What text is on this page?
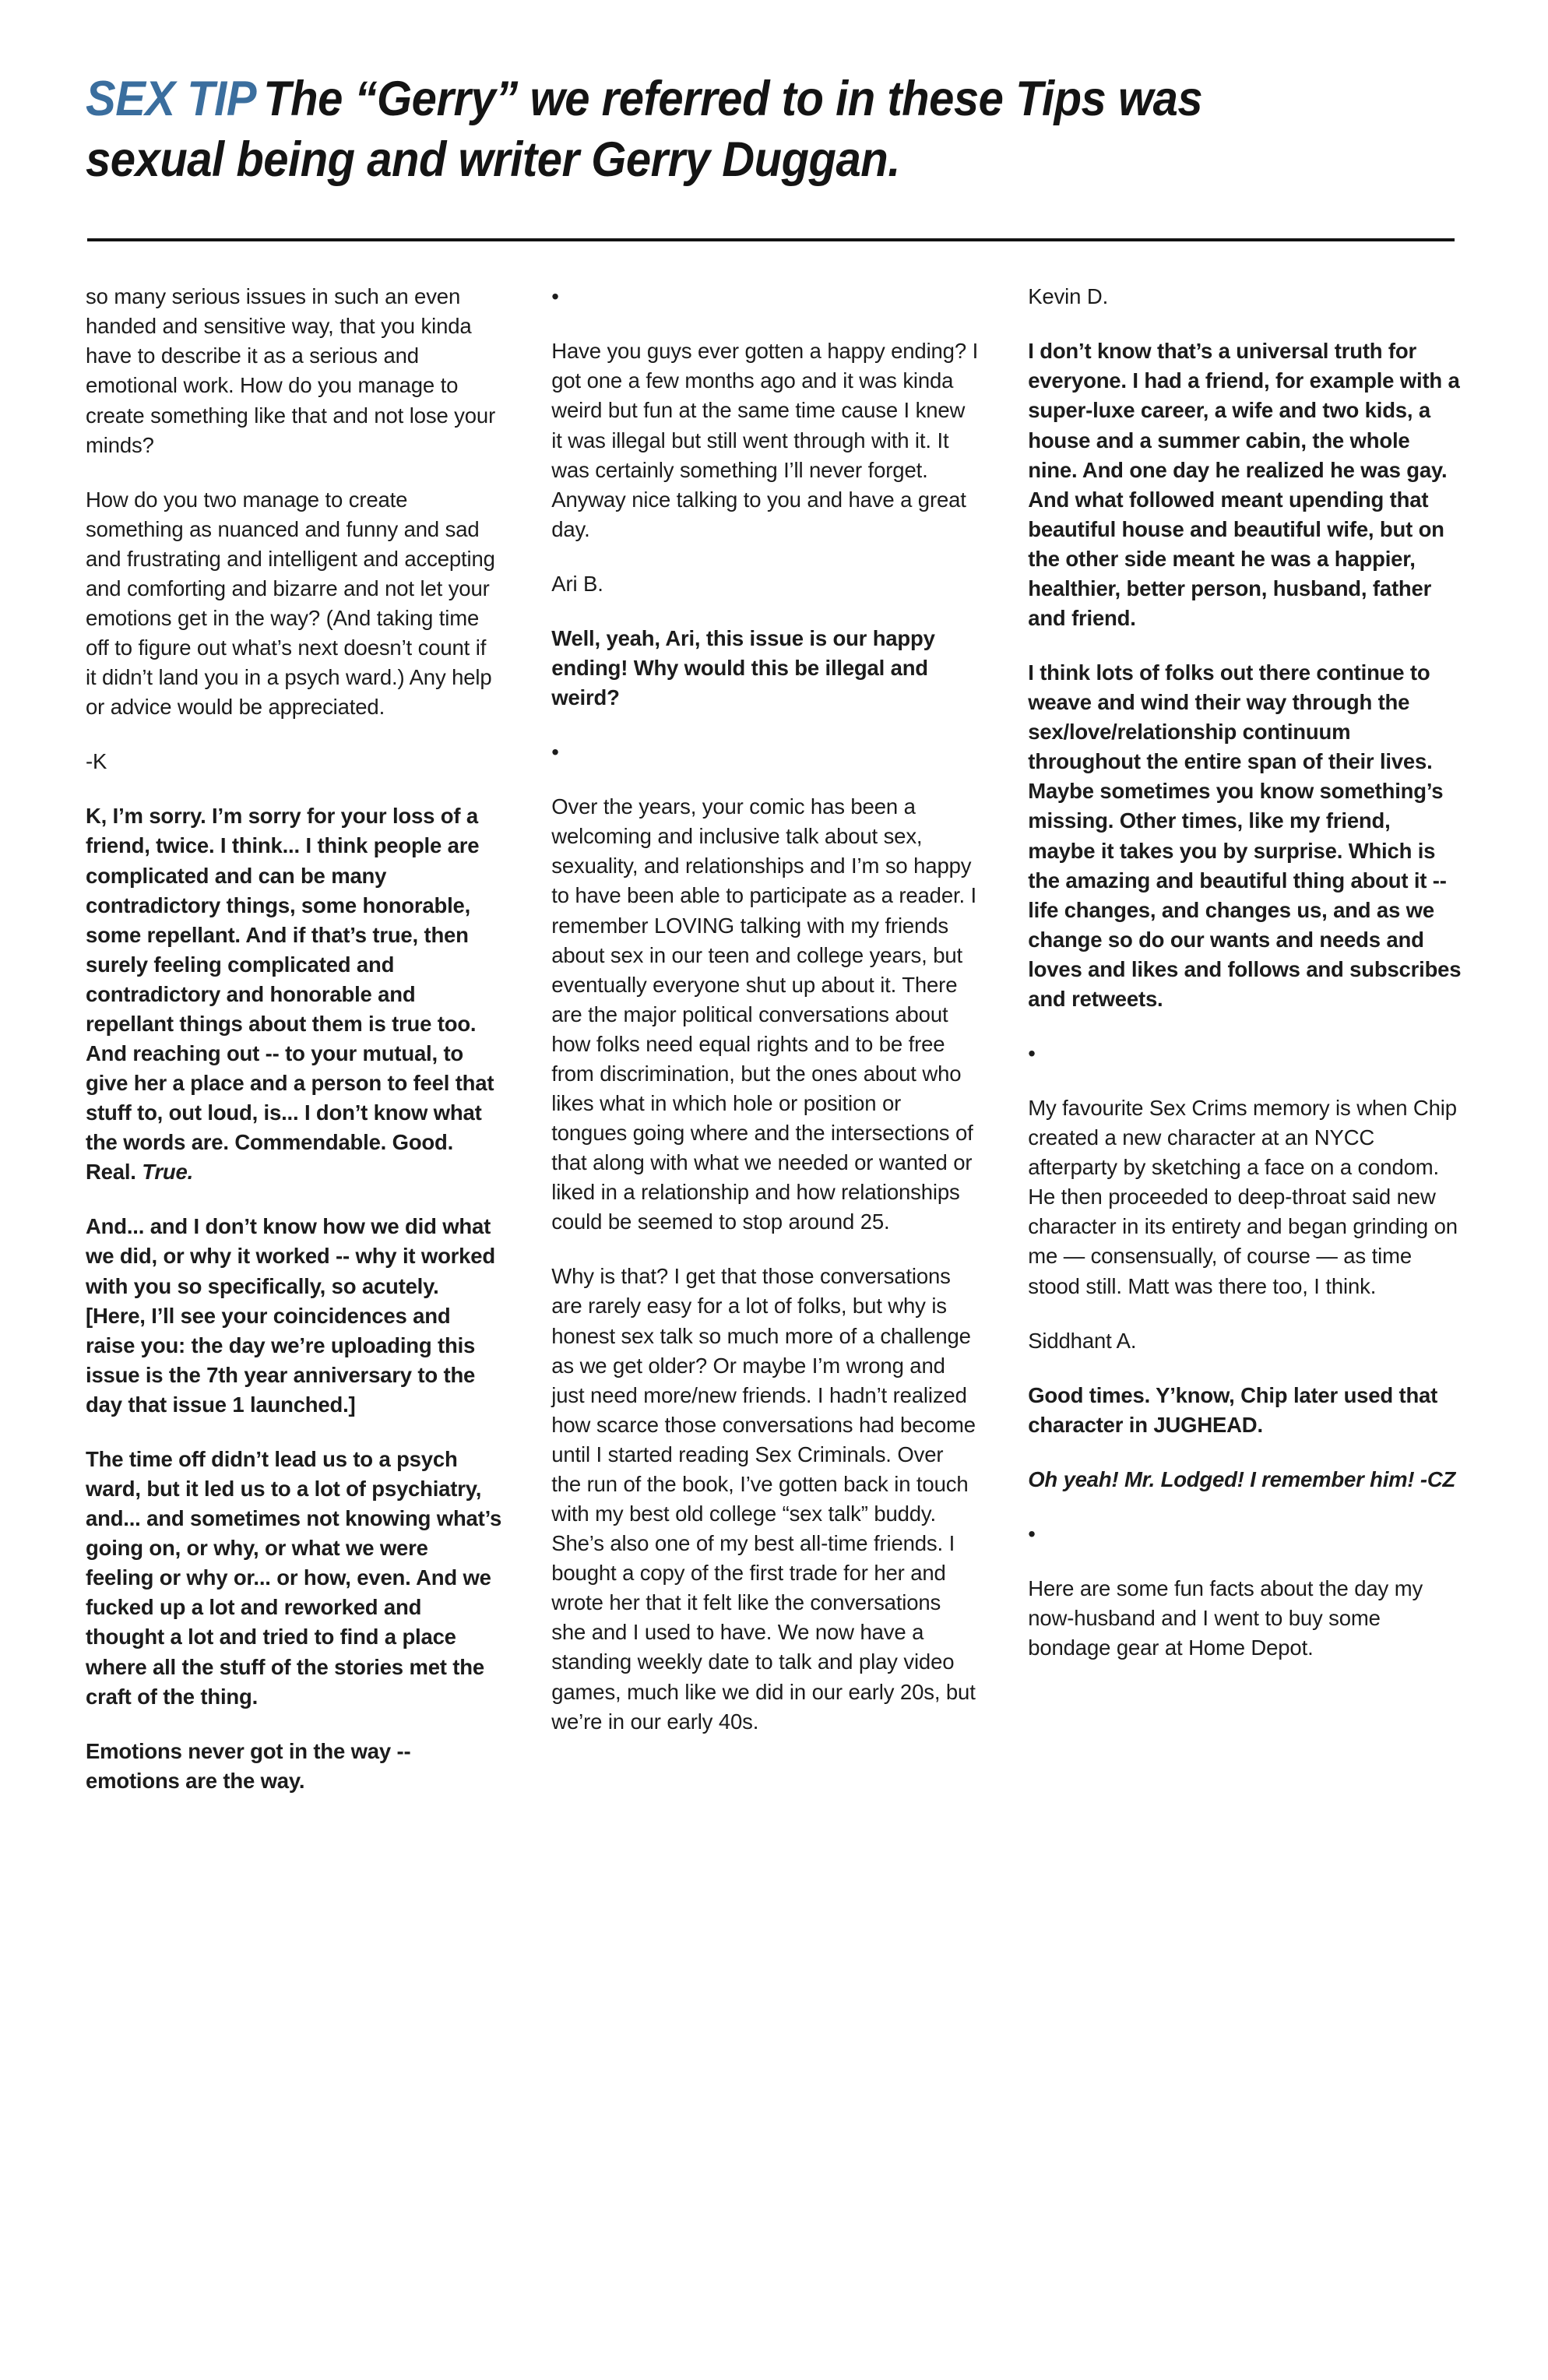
SEX TIP The “Gerry” we referred to in these Tips was sexual being and writer Gerry Duggan.

so many serious issues in such an even handed and sensitive way, that you kinda have to describe it as a serious and emotional work. How do you manage to create something like that and not lose your minds?

How do you two manage to create something as nuanced and funny and sad and frustrating and intelligent and accepting and comforting and bizarre and not let your emotions get in the way? (And taking time off to figure out what’s next doesn’t count if it didn’t land you in a psych ward.) Any help or advice would be appreciated.

-K

K, I’m sorry. I’m sorry for your loss of a friend, twice. I think... I think people are complicated and can be many contradictory things, some honorable, some repellant. And if that’s true, then surely feeling complicated and contradictory and honorable and repellant things about them is true too. And reaching out -- to your mutual, to give her a place and a person to feel that stuff to, out loud, is... I don’t know what the words are. Commendable. Good. Real. True.

And... and I don’t know how we did what we did, or why it worked -- why it worked with you so specifically, so acutely. [Here, I’ll see your coincidences and raise you: the day we’re uploading this issue is the 7th year anniversary to the day that issue 1 launched.]

The time off didn’t lead us to a psych ward, but it led us to a lot of psychiatry, and... and sometimes not knowing what’s going on, or why, or what we were feeling or why or... or how, even. And we fucked up a lot and reworked and thought a lot and tried to find a place where all the stuff of the stories met the craft of the thing.

Emotions never got in the way -- emotions are the way.

•

Have you guys ever gotten a happy ending? I got one a few months ago and it was kinda weird but fun at the same time cause I knew it was illegal but still went through with it. It was certainly something I’ll never forget. Anyway nice talking to you and have a great day.

Ari B.

Well, yeah, Ari, this issue is our happy ending! Why would this be illegal and weird?

•

Over the years, your comic has been a welcoming and inclusive talk about sex, sexuality, and relationships and I’m so happy to have been able to participate as a reader. I remember LOVING talking with my friends about sex in our teen and college years, but eventually everyone shut up about it. There are the major political conversations about how folks need equal rights and to be free from discrimination, but the ones about who likes what in which hole or position or tongues going where and the intersections of that along with what we needed or wanted or liked in a relationship and how relationships could be seemed to stop around 25.

Why is that? I get that those conversations are rarely easy for a lot of folks, but why is honest sex talk so much more of a challenge as we get older? Or maybe I’m wrong and just need more/new friends. I hadn’t realized how scarce those conversations had become until I started reading Sex Criminals. Over the run of the book, I’ve gotten back in touch with my best old college “sex talk” buddy. She’s also one of my best all-time friends. I bought a copy of the first trade for her and wrote her that it felt like the conversations she and I used to have. We now have a standing weekly date to talk and play video games, much like we did in our early 20s, but we’re in our early 40s.

Kevin D.

I don’t know that’s a universal truth for everyone. I had a friend, for example with a super-luxe career, a wife and two kids, a house and a summer cabin, the whole nine. And one day he realized he was gay. And what followed meant upending that beautiful house and beautiful wife, but on the other side meant he was a happier, healthier, better person, husband, father and friend.

I think lots of folks out there continue to weave and wind their way through the sex/love/relationship continuum throughout the entire span of their lives. Maybe sometimes you know something’s missing. Other times, like my friend, maybe it takes you by surprise. Which is the amazing and beautiful thing about it -- life changes, and changes us, and as we change so do our wants and needs and loves and likes and follows and subscribes and retweets.

•

My favourite Sex Crims memory is when Chip created a new character at an NYCC afterparty by sketching a face on a condom. He then proceeded to deep-throat said new character in its entirety and began grinding on me — consensually, of course — as time stood still. Matt was there too, I think.

Siddhant A.

Good times. Y’know, Chip later used that character in JUGHEAD.

Oh yeah! Mr. Lodged! I remember him! -CZ

•

Here are some fun facts about the day my now-husband and I went to buy some bondage gear at Home Depot.
